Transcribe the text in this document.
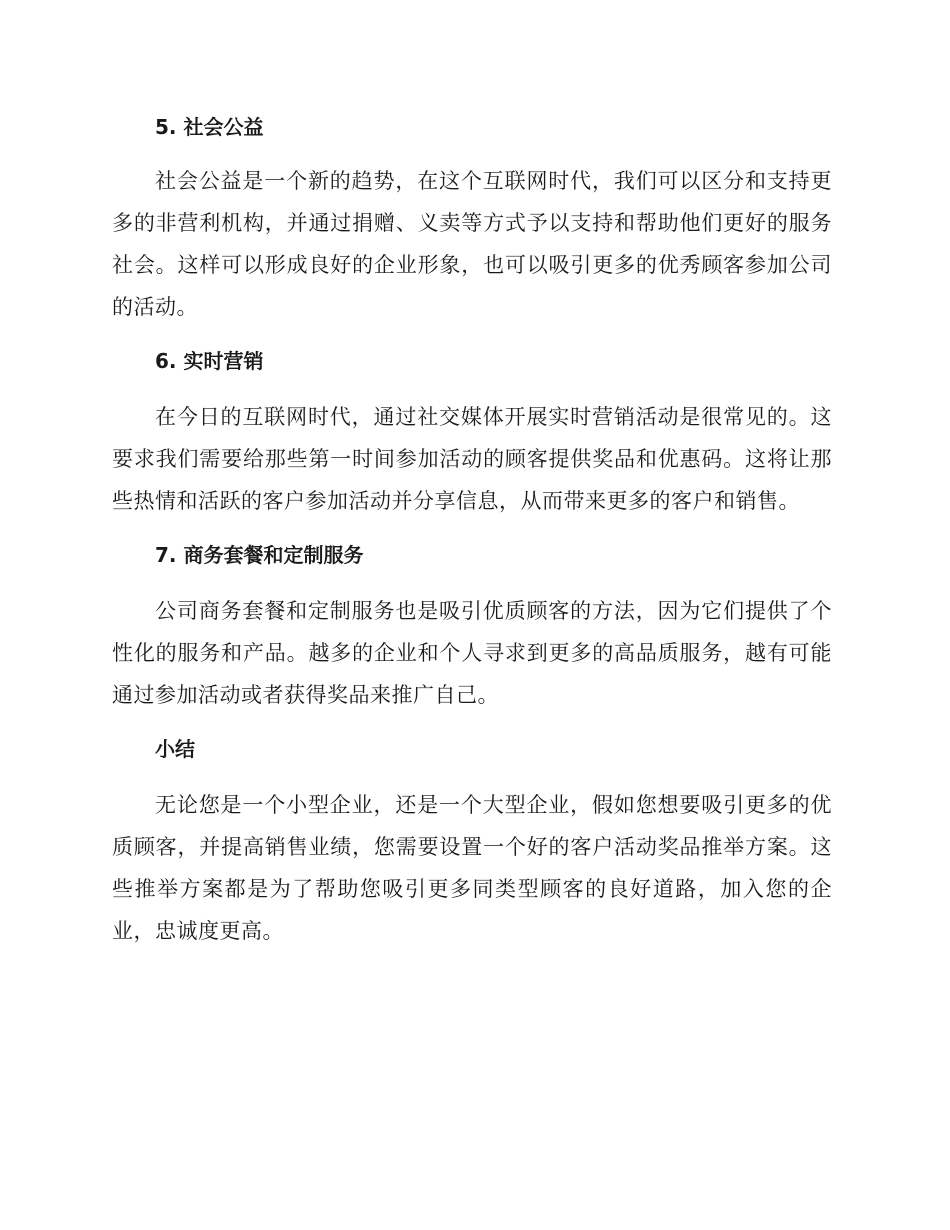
5. 社会公益

社会公益是一个新的趋势，在这个互联网时代，我们可以区分和支持更多的非营利机构，并通过捐赠、义卖等方式予以支持和帮助他们更好的服务社会。这样可以形成良好的企业形象，也可以吸引更多的优秀顾客参加公司的活动。

6. 实时营销

在今日的互联网时代，通过社交媒体开展实时营销活动是很常见的。这要求我们需要给那些第一时间参加活动的顾客提供奖品和优惠码。这将让那些热情和活跃的客户参加活动并分享信息，从而带来更多的客户和销售。

7. 商务套餐和定制服务

公司商务套餐和定制服务也是吸引优质顾客的方法，因为它们提供了个性化的服务和产品。越多的企业和个人寻求到更多的高品质服务，越有可能通过参加活动或者获得奖品来推广自己。

小结

无论您是一个小型企业，还是一个大型企业，假如您想要吸引更多的优质顾客，并提高销售业绩，您需要设置一个好的客户活动奖品推举方案。这些推举方案都是为了帮助您吸引更多同类型顾客的良好道路，加入您的企业，忠诚度更高。
